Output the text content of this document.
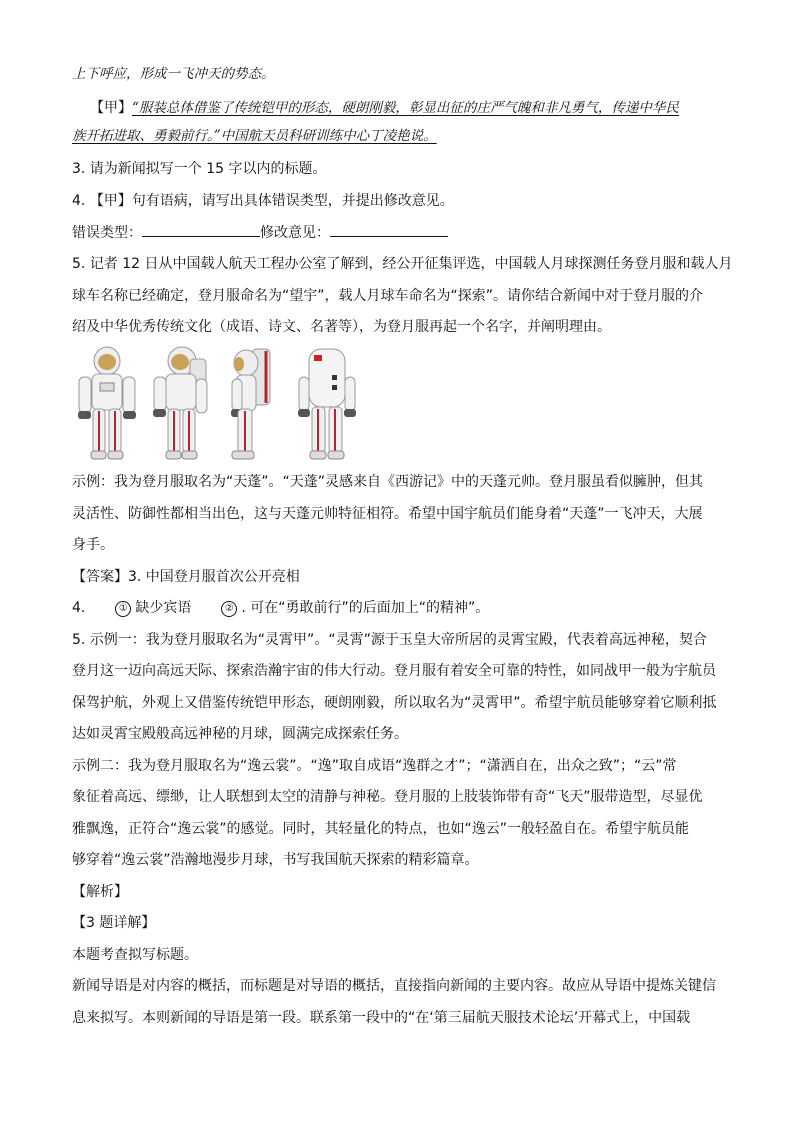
上下呼应，形成一飞冲天的势态。
【甲】“服装总体借鉴了传统铠甲的形态，硬朗刚毅，彰显出征的庄严气魄和非凡勇气，传递中华民
族开拓进取、勇毅前行。”中国航天员科研训练中心丁凌艳说。
3. 请为新闻拟写一个 15 字以内的标题。
4. 【甲】句有语病，请写出具体错误类型，并提出修改意见。
错误类型：	修改意见：
5. 记者 12 日从中国载人航天工程办公室了解到，经公开征集评选，中国载人月球探测任务登月服和载人月
球车名称已经确定，登月服命名为“望宇”，载人月球车命名为“探索”。请你结合新闻中对于登月服的介
绍及中华优秀传统文化（成语、诗文、名著等），为登月服再起一个名字，并阐明理由。
示例：我为登月服取名为“天蓬”。“天蓬”灵感来自《西游记》中的天蓬元帅。登月服虽看似臃肿，但其
灵活性、防御性都相当出色，这与天蓬元帅特征相符。希望中国宇航员们能身着“天蓬”一飞冲天，大展
身手。
【答案】3. 中国登月服首次公开亮相
4.	① 缺少宾语	② . 可在“勇敢前行”的后面加上“的精神”。
5. 示例一：我为登月服取名为“灵霄甲”。“灵霄”源于玉皇大帝所居的灵霄宝殿，代表着高远神秘，契合
登月这一迈向高远天际、探索浩瀚宇宙的伟大行动。登月服有着安全可靠的特性，如同战甲一般为宇航员
保驾护航，外观上又借鉴传统铠甲形态，硬朗刚毅，所以取名为“灵霄甲”。希望宇航员能够穿着它顺利抵
达如灵霄宝殿般高远神秘的月球，圆满完成探索任务。
示例二：我为登月服取名为“逸云裳”。“逸”取自成语“逸群之才”；“潇洒自在，出众之致”；“云”常
象征着高远、缥缈，让人联想到太空的清静与神秘。登月服的上肢装饰带有奇“飞天”服带造型，尽显优
雅飘逸，正符合“逸云裳”的感觉。同时，其轻量化的特点，也如“逸云”一般轻盈自在。希望宇航员能
够穿着“逸云裳”浩瀚地漫步月球，书写我国航天探索的精彩篇章。
【解析】
【3 题详解】
本题考查拟写标题。
新闻导语是对内容的概括，而标题是对导语的概括，直接指向新闻的主要内容。故应从导语中提炼关键信
息来拟写。本则新闻的导语是第一段。联系第一段中的“在‘第三届航天服技术论坛’开幕式上，中国载
